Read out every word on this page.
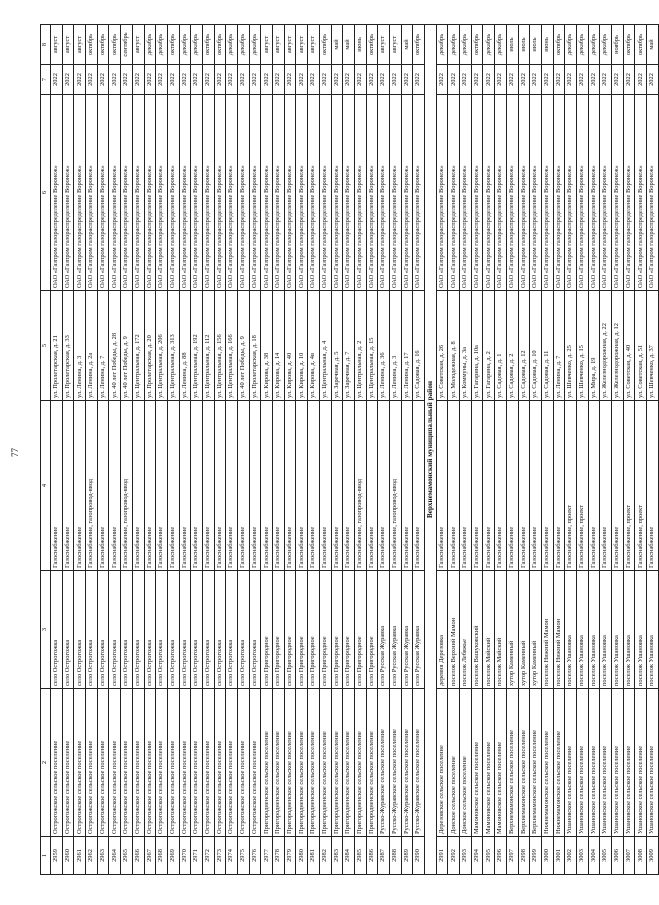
77
1	2	3	4	5	6	7	8
2959	Острогожское сельское поселение	село Острогожка	Газоснабжение	ул. Пролетарская, д. 21	ОАО «Газпром газораспределение Воронеж»	2022	август
2960	Острогожское сельское поселение	село Острогожка	Газоснабжение	ул. Пролетарская, д. 33	ОАО «Газпром газораспределение Воронеж»	2022	август
2961	Острогожское сельское поселение	село Острогожка	Газоснабжение	ул. Ленина, д. 3	ОАО «Газпром газораспределение Воронеж»	2022	август
2962	Острогожское сельское поселение	село Острогожка	Газоснабжение, газопровод-ввод	ул. Ленина, д. 2а	ОАО «Газпром газораспределение Воронеж»	2022	октябрь
2963	Острогожское сельское поселение	село Острогожка	Газоснабжение	ул. Ленина, д. 7	ОАО «Газпром газораспределение Воронеж»	2022	октябрь
2964	Острогожское сельское поселение	село Острогожка	Газоснабжение	ул. 40 лет Победы, д. 28	ОАО «Газпром газораспределение Воронеж»	2022	октябрь
2965	Острогожское сельское поселение	село Острогожка	Газоснабжение, газопровод-ввод	ул. 40 лет Победы, д. 9	ОАО «Газпром газораспределение Воронеж»	2022	сентябрь
2966	Острогожское сельское поселение	село Острогожка	Газоснабжение	ул. Центральная, д. 172	ОАО «Газпром газораспределение Воронеж»	2022	август
2967	Острогожское сельское поселение	село Острогожка	Газоснабжение	ул. Пролетарская, д. 20	ОАО «Газпром газораспределение Воронеж»	2022	декабрь
2968	Острогожское сельское поселение	село Острогожка	Газоснабжение	ул. Центральная, д. 206	ОАО «Газпром газораспределение Воронеж»	2022	декабрь
2969	Острогожское сельское поселение	село Острогожка	Газоснабжение	ул. Центральная, д. 313	ОАО «Газпром газораспределение Воронеж»	2022	октябрь
2970	Острогожское сельское поселение	село Острогожка	Газоснабжение	ул. Ленина, д. 88	ОАО «Газпром газораспределение Воронеж»	2022	декабрь
2971	Острогожское сельское поселение	село Острогожка	Газоснабжение	ул. Центральная, д. 192	ОАО «Газпром газораспределение Воронеж»	2022	декабрь
2972	Острогожское сельское поселение	село Острогожка	Газоснабжение	ул. Центральная, д. 112	ОАО «Газпром газораспределение Воронеж»	2022	октябрь
2973	Острогожское сельское поселение	село Острогожка	Газоснабжение	ул. Центральная, д. 156	ОАО «Газпром газораспределение Воронеж»	2022	октябрь
2974	Острогожское сельское поселение	село Острогожка	Газоснабжение	ул. Центральная, д. 166	ОАО «Газпром газораспределение Воронеж»	2022	декабрь
2975	Острогожское сельское поселение	село Острогожка	Газоснабжение	ул. 40 лет Победы, д. 9	ОАО «Газпром газораспределение Воронеж»	2022	декабрь
2976	Острогожское сельское поселение	село Острогожка	Газоснабжение	ул. Пролетарская, д. 18	ОАО «Газпром газораспределение Воронеж»	2022	декабрь
2977	Пригородненское сельское поселение	село Пригородное	Газоснабжение	ул. Кирова, д. 38	ОАО «Газпром газораспределение Воронеж»	2022	август
2978	Пригородненское сельское поселение	село Пригородное	Газоснабжение	ул. Кирова, д. 14	ОАО «Газпром газораспределение Воронеж»	2022	август
2979	Пригородненское сельское поселение	село Пригородное	Газоснабжение	ул. Кирова, д. 40	ОАО «Газпром газораспределение Воронеж»	2022	август
2980	Пригородненское сельское поселение	село Пригородное	Газоснабжение	ул. Кирова, д. 10	ОАО «Газпром газораспределение Воронеж»	2022	август
2981	Пригородненское сельское поселение	село Пригородное	Газоснабжение	ул. Кирова, д. 4в	ОАО «Газпром газораспределение Воронеж»	2022	август
2982	Пригородненское сельское поселение	село Пригородное	Газоснабжение	ул. Центральная, д. 4	ОАО «Газпром газораспределение Воронеж»	2022	октябрь
2983	Пригородненское сельское поселение	село Пригородное	Газоснабжение	ул. Заречная, д. 5	ОАО «Газпром газораспределение Воронеж»	2022	май
2984	Пригородненское сельское поселение	село Пригородное	Газоснабжение	ул. Заречная, д. 7	ОАО «Газпром газораспределение Воронеж»	2022	май
2985	Пригородненское сельское поселение	село Пригородное	Газоснабжение, газопровод-ввод	ул. Центральная, д. 2	ОАО «Газпром газораспределение Воронеж»	2022	июнь
2986	Пригородненское сельское поселение	село Пригородное	Газоснабжение	ул. Центральная, д. 15	ОАО «Газпром газораспределение Воронеж»	2022	октябрь
2987	Русско-Журавское сельское поселение	село Русская Журавка	Газоснабжение	ул. Ленина, д. 36	ОАО «Газпром газораспределение Воронеж»	2022	август
2988	Русско-Журавское сельское поселение	село Русская Журавка	Газоснабжение, газопровод-ввод	ул. Ленина, д. 3	ОАО «Газпром газораспределение Воронеж»	2022	август
2989	Русско-Журавское сельское поселение	село Русская Журавка	Газоснабжение	ул. Ленина, д. 17	ОАО «Газпром газораспределение Воронеж»	2022	май
2990	Русско-Журавское сельское поселение	село Русская Журавка	Газоснабжение	ул. Садовая, д. 16	ОАО «Газпром газораспределение Воронеж»	2022	октябрь
Верхнемамонский муниципальный район							
2991	Дерезовское сельское поселение	деревня Дерезовка	Газоснабжение	ул. Советская, д. 26	ОАО «Газпром газораспределение Воронеж»	2022	декабрь
2992	Донское сельское поселение	поселок Верхний Мамон	Газоснабжение	ул. Молодежная, д. 8	ОАО «Газпром газораспределение Воронеж»	2022	декабрь
2993	Донское сельское поселение	поселок Лебяжье	Газоснабжение	ул. Коммуны, д. 3а	ОАО «Газпром газораспределение Воронеж»	2022	декабрь
2994	Мамоновское сельское поселение	поселок Вашуковский	Газоснабжение	ул. Гагарина, д. 10а	ОАО «Газпром газораспределение Воронеж»	2022	октябрь
2995	Мамоновское сельское поселение	поселок Майский	Газоснабжение	ул. Гагарина, д. 2	ОАО «Газпром газораспределение Воронеж»	2022	декабрь
2996	Мамоновское сельское поселение	поселок Майский	Газоснабжение	ул. Садовая, д. 1	ОАО «Газпром газораспределение Воронеж»	2022	декабрь
2997	Верхнемамонское сельское поселение	хутор Каменный	Газоснабжение	ул. Садовая, д. 2	ОАО «Газпром газораспределение Воронеж»	2022	июль
2998	Верхнемамонское сельское поселение	хутор Каменный	Газоснабжение	ул. Садовая, д. 12	ОАО «Газпром газораспределение Воронеж»	2022	июль
2999	Верхнемамонское сельское поселение	хутор Каменный	Газоснабжение	ул. Садовая, д. 10	ОАО «Газпром газораспределение Воронеж»	2022	июль
3000	Нижнемамонское сельское поселение	поселок Нижний Мамон	Газоснабжение	ул. Садовая, д. 11	ОАО «Газпром газораспределение Воронеж»	2022	июнь
3001	Нижнемамонское сельское поселение	поселок Нижний Мамон	Газоснабжение	ул. Ленина, д. 7	ОАО «Газпром газораспределение Воронеж»	2022	октябрь
3002	Ушановское сельское поселение	поселок Ушановка	Газоснабжение, проект	ул. Шевченко, д. 25	ОАО «Газпром газораспределение Воронеж»	2022	декабрь
3003	Ушановское сельское поселение	поселок Ушановка	Газоснабжение, проект	ул. Шевченко, д. 15	ОАО «Газпром газораспределение Воронеж»	2022	декабрь
3004	Ушановское сельское поселение	поселок Ушановка	Газоснабжение	ул. Мира, д. 19	ОАО «Газпром газораспределение Воронеж»	2022	декабрь
3005	Ушановское сельское поселение	поселок Ушановка	Газоснабжение	ул. Железнодорожная, д. 22	ОАО «Газпром газораспределение Воронеж»	2022	декабрь
3006	Ушановское сельское поселение	поселок Ушановка	Газоснабжение	ул. Железнодорожная, д. 12	ОАО «Газпром газораспределение Воронеж»	2022	ноябрь
3007	Ушановское сельское поселение	поселок Ушановка	Газоснабжение, проект	ул. Советская, д. 40	ОАО «Газпром газораспределение Воронеж»	2022	октябрь
3008	Ушановское сельское поселение	поселок Ушановка	Газоснабжение, проект	ул. Советская, д. 51	ОАО «Газпром газораспределение Воронеж»	2022	октябрь
3009	Ушановское сельское поселение	поселок Ушановка	Газоснабжение	ул. Шевченко, д. 37	ОАО «Газпром газораспределение Воронеж»	2022	май
